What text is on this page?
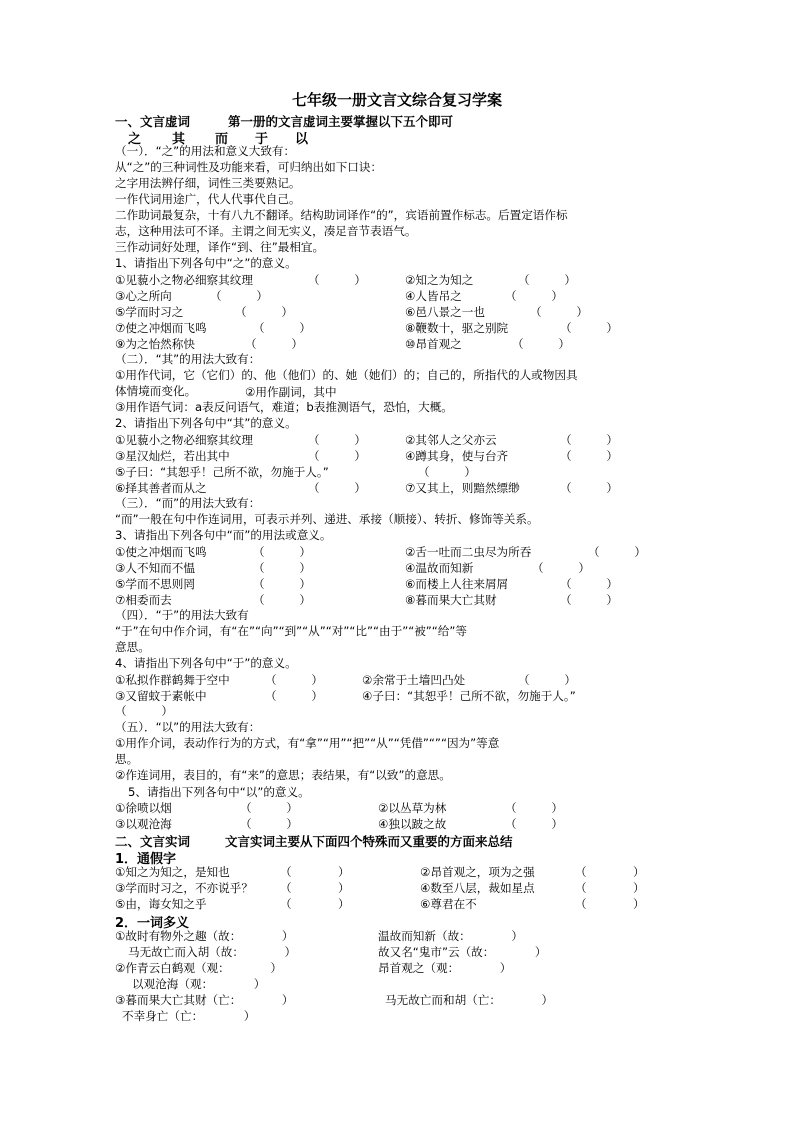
七年级一册文言文综合复习学案
一、文言虚词	第一册的文言虚词主要掌握以下五个即可
之 其 而 于 以
（一）．“之”的用法和意义大致有：
从“之”的三种词性及功能来看，可归纳出如下口诀：
之字用法辨仔细，词性三类要熟记。
一作代词用途广，代人代事代自己。
二作助词最复杂，十有八九不翻译。结构助词译作“的”，宾语前置作标志。后置定语作标
志，这种用法可不译。主谓之间无实义，凑足音节表语气。
三作动词好处理，译作“到、往”最相宜。
1、请指出下列各句中“之”的意义。
①见藐小之物必细察其纹理	（　　　）	②知之为知之	（　　　）
③心之所向	（　　　）	④人皆吊之	（　　　）
⑤学而时习之	（　　　）	⑥邑八景之一也	（　　　）
⑦使之冲烟而飞鸣	（　　　）	⑧鞭数十，驱之别院	（　　　）
⑨为之怡然称快	（　　　）	⑩昂首观之	（　　　）
（二）．“其”的用法大致有：
①用作代词，它（它们）的、他（他们）的、她（她们）的；自己的，所指代的人或物因具
体情境而变化。	②用作副词，其中
③用作语气词：a表反问语气，难道；b表推测语气，恐怕，大概。
2、请指出下列各句中“其”的意义。
①见藐小之物必细察其纹理	（　　　）	②其邻人之父亦云	（　　　）
③星汉灿烂，若出其中	（　　　）	④蹲其身，使与台齐	（　　　）
⑤子曰：“其恕乎！己所不欲，勿施于人。”	（　　　）
⑥择其善者而从之	（　　　）	⑦又其上，则黯然缥缈	（　　　）
（三）．“而”的用法大致有：
“而”一般在句中作连词用，可表示并列、递进、承接（顺接）、转折、修饰等关系。
3、请指出下列各句中“而”的用法或意义。
①使之冲烟而飞鸣	（　　　）	②舌一吐而二虫尽为所吞	（　　　）
③人不知而不愠	（　　　）	④温故而知新	（　　　）
⑤学而不思则罔	（　　　）	⑥而楼上人往来屑屑	（　　　）
⑦相委而去	（　　　）	⑧暮而果大亡其财	（　　　）
（四）．“于”的用法大致有
“于”在句中作介词，有“在”“向”“到”“从”“对”“比”“由于”“被”“给”等
意思。
4、请指出下列各句中“于”的意义。
①私拟作群鹤舞于空中	（　　　）	②余常于土墙凹凸处	（　　　）
③又留蚊于素帐中	（　　　）	④子曰：“其恕乎！己所不欲，勿施于人。”
（　　　）
（五）．“以”的用法大致有：
①用作介词，表动作行为的方式，有“拿”“用”“把”“从”“凭借”“”“因为”等意
思。
②作连词用，表目的，有“来”的意思；表结果，有“以致”的意思。
5、请指出下列各句中“以”的意义。
①徐喷以烟	（　　　）	②以丛草为林	（　　　）
③以观沧海	（　　　）	④独以跛之故	（　　　）
二、文言实词	文言实词主要从下面四个特殊而又重要的方面来总结
1．通假字
①知之为知之，是知也	（　　　　）	②昂首观之，项为之强	（　　　　）
③学而时习之，不亦说乎？ （　　　　）	④数至八层，裁如星点	（　　　　）
⑤由，诲女知之乎	（　　　　）	⑥尊君在不	（　　　　）
2．一词多义
①故时有物外之趣（故：　　　　）	温故而知新（故：　　　　）
马无故亡而入胡（故：　　　　）	故又名“鬼市”云（故：　　　　）
②作青云白鹤观（观：　　　　）	昂首观之（观：　　　　）
以观沧海（观：　　　　）
③暮而果大亡其财（亡：　　　　）	马无故亡而和胡（亡：　　　　）
不幸身亡（亡：　　　　）
